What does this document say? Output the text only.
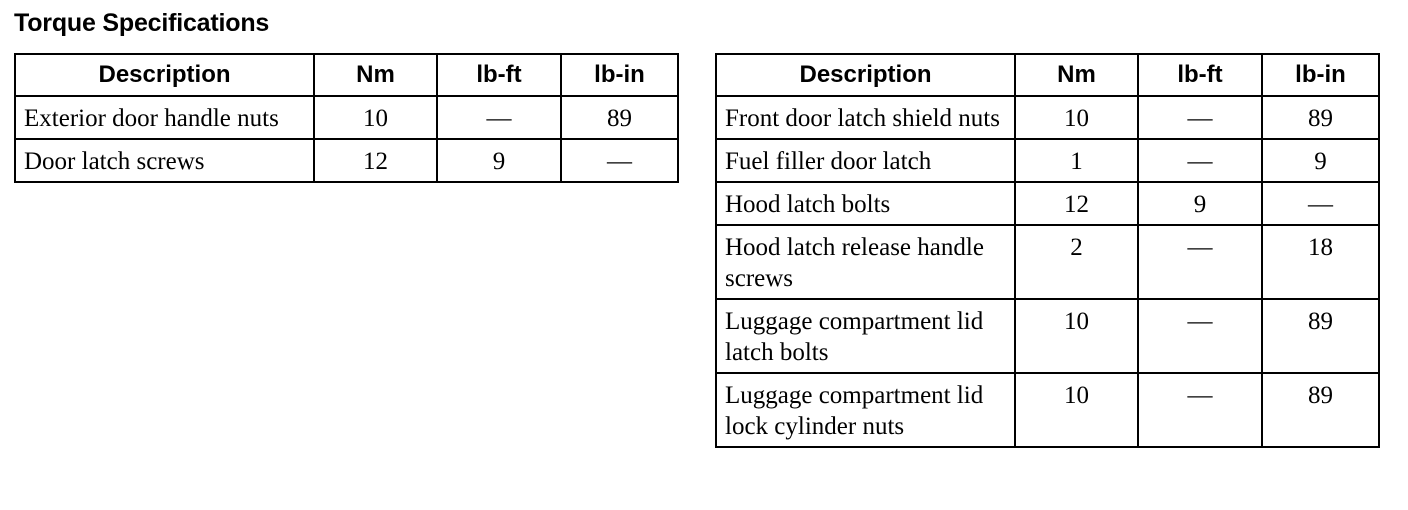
Torque Specifications
Description	Nm	lb-ft	lb-in
Exterior door handle nuts	10	—	89
Door latch screws	12	9	—
Description	Nm	lb-ft	lb-in
Front door latch shield nuts	10	—	89
Fuel filler door latch	1	—	9
Hood latch bolts	12	9	—
Hood latch release handle screws	2	—	18
Luggage compartment lid latch bolts	10	—	89
Luggage compartment lid lock cylinder nuts	10	—	89
